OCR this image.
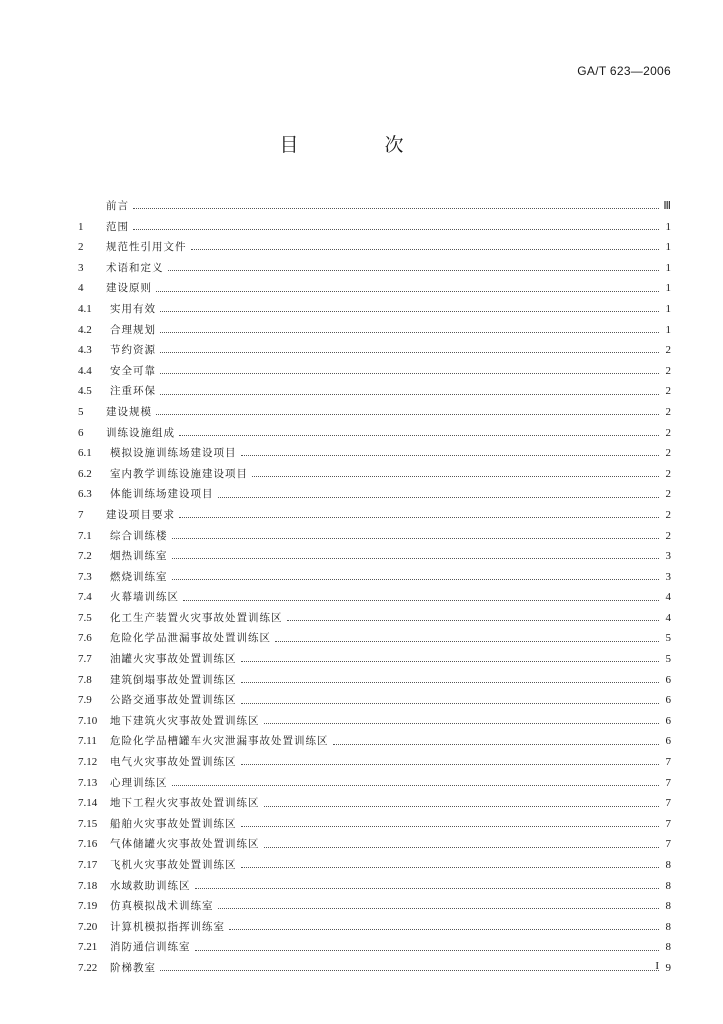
GA/T 623—2006
目 次
前言	Ⅲ
1	范围	1
2	规范性引用文件	1
3	术语和定义	1
4	建设原则	1
4.1	实用有效	1
4.2	合理规划	1
4.3	节约资源	2
4.4	安全可靠	2
4.5	注重环保	2
5	建设规模	2
6	训练设施组成	2
6.1	模拟设施训练场建设项目	2
6.2	室内教学训练设施建设项目	2
6.3	体能训练场建设项目	2
7	建设项目要求	2
7.1	综合训练楼	2
7.2	烟热训练室	3
7.3	燃烧训练室	3
7.4	火幕墙训练区	4
7.5	化工生产装置火灾事故处置训练区	4
7.6	危险化学品泄漏事故处置训练区	5
7.7	油罐火灾事故处置训练区	5
7.8	建筑倒塌事故处置训练区	6
7.9	公路交通事故处置训练区	6
7.10	地下建筑火灾事故处置训练区	6
7.11	危险化学品槽罐车火灾泄漏事故处置训练区	6
7.12	电气火灾事故处置训练区	7
7.13	心理训练区	7
7.14	地下工程火灾事故处置训练区	7
7.15	船舶火灾事故处置训练区	7
7.16	气体储罐火灾事故处置训练区	7
7.17	飞机火灾事故处置训练区	8
7.18	水域救助训练区	8
7.19	仿真模拟战术训练室	8
7.20	计算机模拟指挥训练室	8
7.21	消防通信训练室	8
7.22	阶梯教室	9
I
